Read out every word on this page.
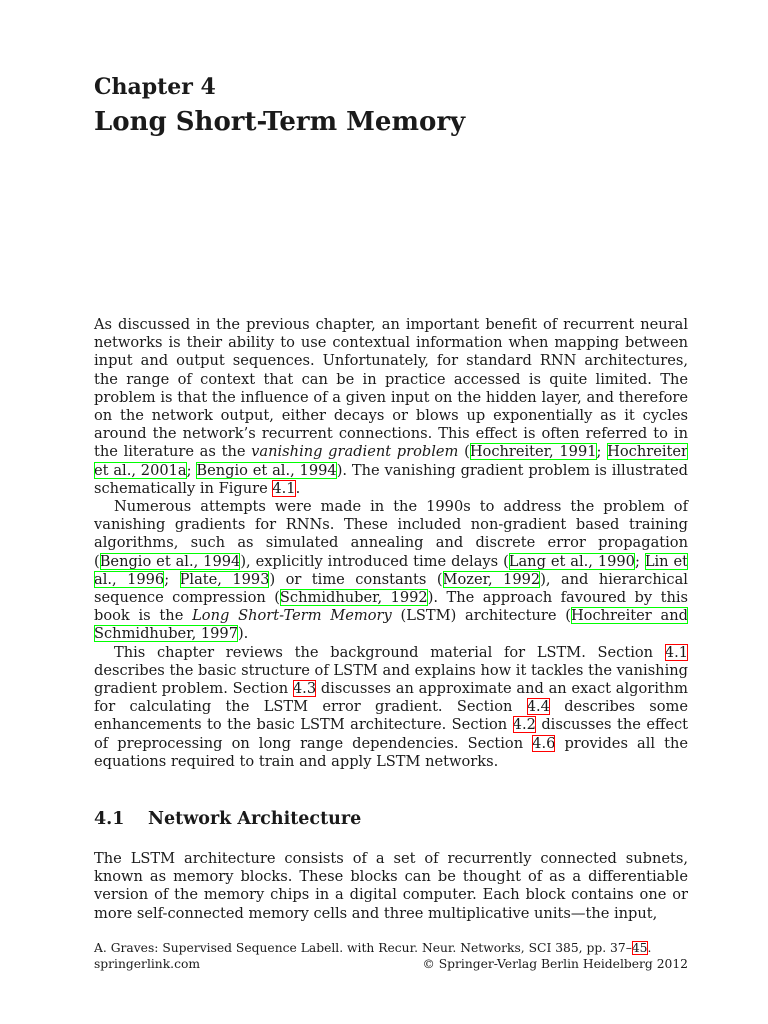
Chapter 4
Long Short-Term Memory

As discussed in the previous chapter, an important benefit of recurrent neural networks is their ability to use contextual information when mapping between input and output sequences. Unfortunately, for standard RNN architectures, the range of context that can be in practice accessed is quite limited. The problem is that the influence of a given input on the hidden layer, and therefore on the network output, either decays or blows up exponentially as it cycles around the network’s recurrent connections. This effect is often referred to in the literature as the vanishing gradient problem (Hochreiter, 1991; Hochreiter et al., 2001a; Bengio et al., 1994). The vanishing gradient problem is illustrated schematically in Figure 4.1.

Numerous attempts were made in the 1990s to address the problem of vanishing gradients for RNNs. These included non-gradient based training algorithms, such as simulated annealing and discrete error propagation (Bengio et al., 1994), explicitly introduced time delays (Lang et al., 1990; Lin et al., 1996; Plate, 1993) or time constants (Mozer, 1992), and hierarchical sequence compression (Schmidhuber, 1992). The approach favoured by this book is the Long Short-Term Memory (LSTM) architecture (Hochreiter and Schmidhuber, 1997).

This chapter reviews the background material for LSTM. Section 4.1 describes the basic structure of LSTM and explains how it tackles the vanishing gradient problem. Section 4.3 discusses an approximate and an exact algorithm for calculating the LSTM error gradient. Section 4.4 describes some enhancements to the basic LSTM architecture. Section 4.2 discusses the effect of preprocessing on long range dependencies. Section 4.6 provides all the equations required to train and apply LSTM networks.

4.1 Network Architecture
The LSTM architecture consists of a set of recurrently connected subnets, known as memory blocks. These blocks can be thought of as a differentiable version of the memory chips in a digital computer. Each block contains one or more self-connected memory cells and three multiplicative units—the input,
A. Graves: Supervised Sequence Labell. with Recur. Neur. Networks, SCI 385, pp. 37–45.
springerlink.com	© Springer-Verlag Berlin Heidelberg 2012
